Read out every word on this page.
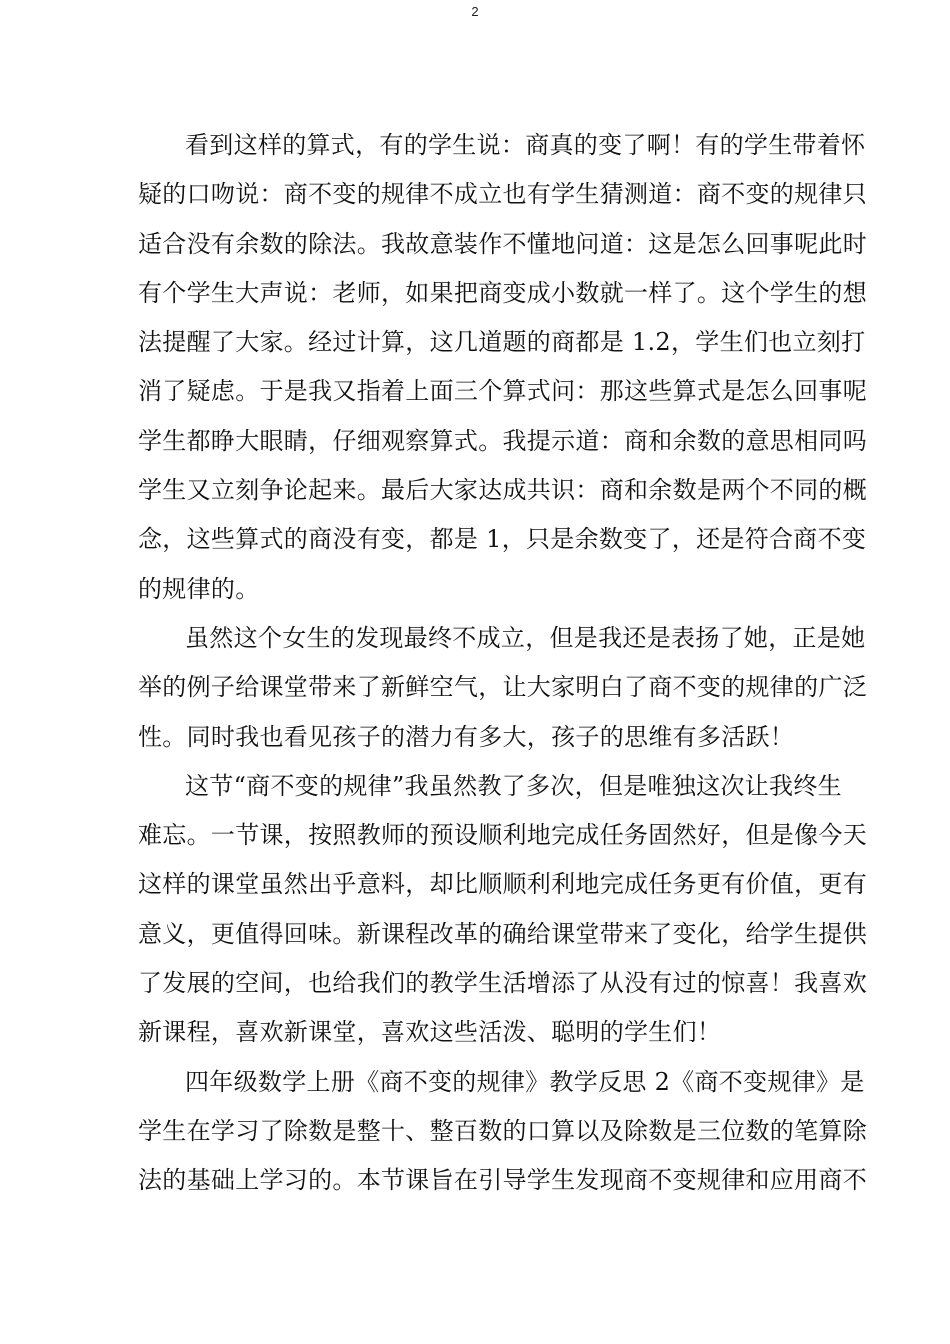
2
看到这样的算式，有的学生说：商真的变了啊！有的学生带着怀
疑的口吻说：商不变的规律不成立也有学生猜测道：商不变的规律只
适合没有余数的除法。我故意装作不懂地问道：这是怎么回事呢此时
有个学生大声说：老师，如果把商变成小数就一样了。这个学生的想
法提醒了大家。经过计算，这几道题的商都是 1.2，学生们也立刻打
消了疑虑。于是我又指着上面三个算式问：那这些算式是怎么回事呢
学生都睁大眼睛，仔细观察算式。我提示道：商和余数的意思相同吗
学生又立刻争论起来。最后大家达成共识：商和余数是两个不同的概
念，这些算式的商没有变，都是 1，只是余数变了，还是符合商不变
的规律的。
虽然这个女生的发现最终不成立，但是我还是表扬了她，正是她
举的例子给课堂带来了新鲜空气，让大家明白了商不变的规律的广泛
性。同时我也看见孩子的潜力有多大，孩子的思维有多活跃！
这节“商不变的规律”我虽然教了多次，但是唯独这次让我终生
难忘。一节课，按照教师的预设顺利地完成任务固然好，但是像今天
这样的课堂虽然出乎意料，却比顺顺利利地完成任务更有价值，更有
意义，更值得回味。新课程改革的确给课堂带来了变化，给学生提供
了发展的空间，也给我们的教学生活增添了从没有过的惊喜！我喜欢
新课程，喜欢新课堂，喜欢这些活泼、聪明的学生们！
四年级数学上册《商不变的规律》教学反思 2《商不变规律》是
学生在学习了除数是整十、整百数的口算以及除数是三位数的笔算除
法的基础上学习的。本节课旨在引导学生发现商不变规律和应用商不
